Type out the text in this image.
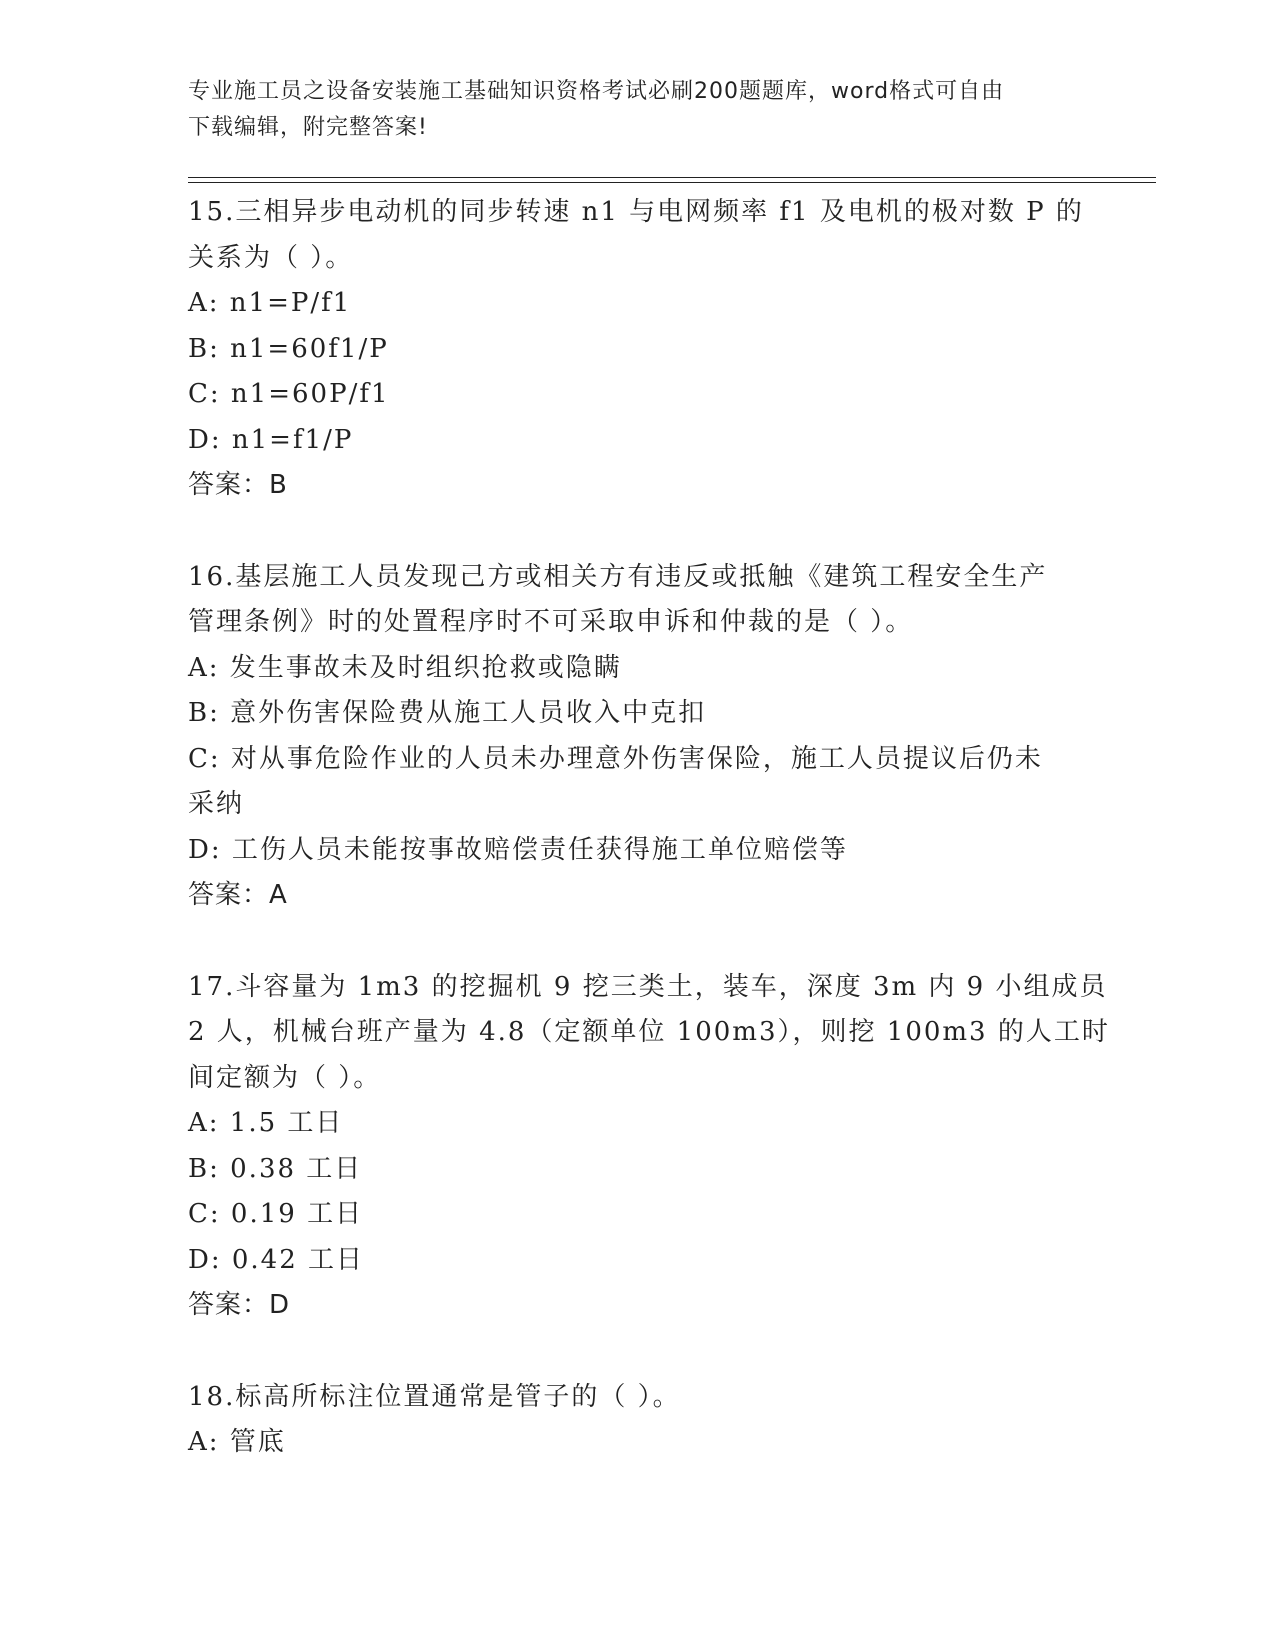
专业施工员之设备安装施工基础知识资格考试必刷200题题库，word格式可自由
下载编辑，附完整答案!
15.三相异步电动机的同步转速 n1 与电网频率 f1 及电机的极对数 P 的
关系为（ ）。
A: n1=P/f1
B: n1=60f1/P
C: n1=60P/f1
D: n1=f1/P
答案：B
16.基层施工人员发现己方或相关方有违反或抵触《建筑工程安全生产
管理条例》时的处置程序时不可采取申诉和仲裁的是（ ）。
A: 发生事故未及时组织抢救或隐瞒
B: 意外伤害保险费从施工人员收入中克扣
C: 对从事危险作业的人员未办理意外伤害保险，施工人员提议后仍未
采纳
D: 工伤人员未能按事故赔偿责任获得施工单位赔偿等
答案：A
17.斗容量为 1m3 的挖掘机 9 挖三类土，装车，深度 3m 内 9 小组成员
2 人，机械台班产量为 4.8（定额单位 100m3），则挖 100m3 的人工时
间定额为（ ）。
A: 1.5 工日
B: 0.38 工日
C: 0.19 工日
D: 0.42 工日
答案：D
18.标高所标注位置通常是管子的（ ）。
A: 管底
